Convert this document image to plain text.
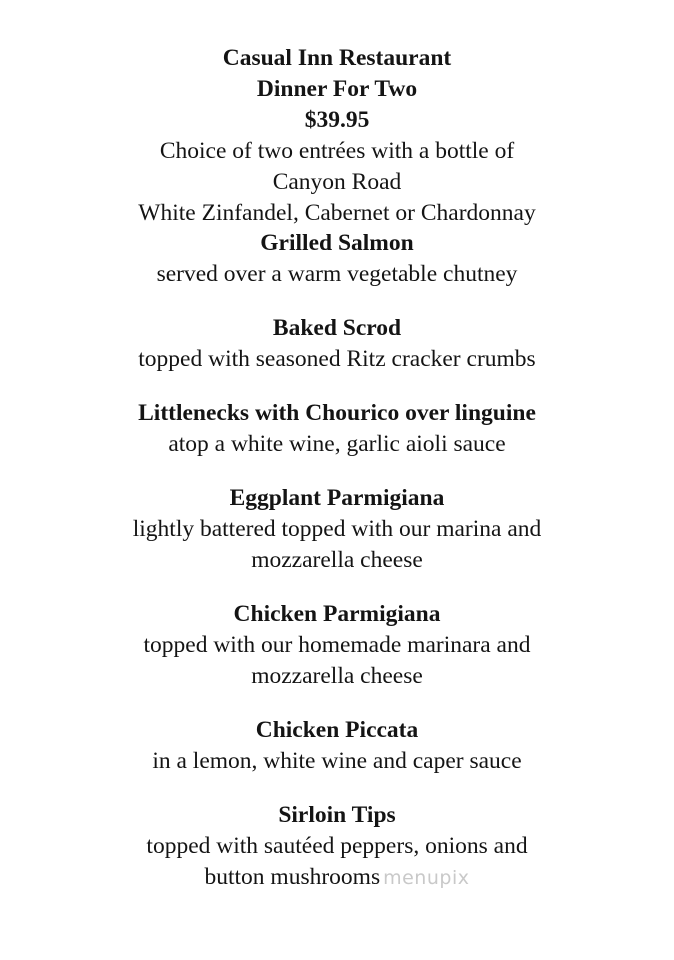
Casual Inn Restaurant
Dinner For Two
$39.95
Choice of two entrées with a bottle of
Canyon Road
White Zinfandel, Cabernet or Chardonnay
Grilled Salmon
served over a warm vegetable chutney
Baked Scrod
topped with seasoned Ritz cracker crumbs
Littlenecks with Chourico over linguine
atop a white wine, garlic aioli sauce
Eggplant Parmigiana
lightly battered topped with our marina and
mozzarella cheese
Chicken Parmigiana
topped with our homemade marinara and
mozzarella cheese
Chicken Piccata
in a lemon, white wine and caper sauce
Sirloin Tips
topped with sautéed peppers, onions and
button mushrooms menupix
